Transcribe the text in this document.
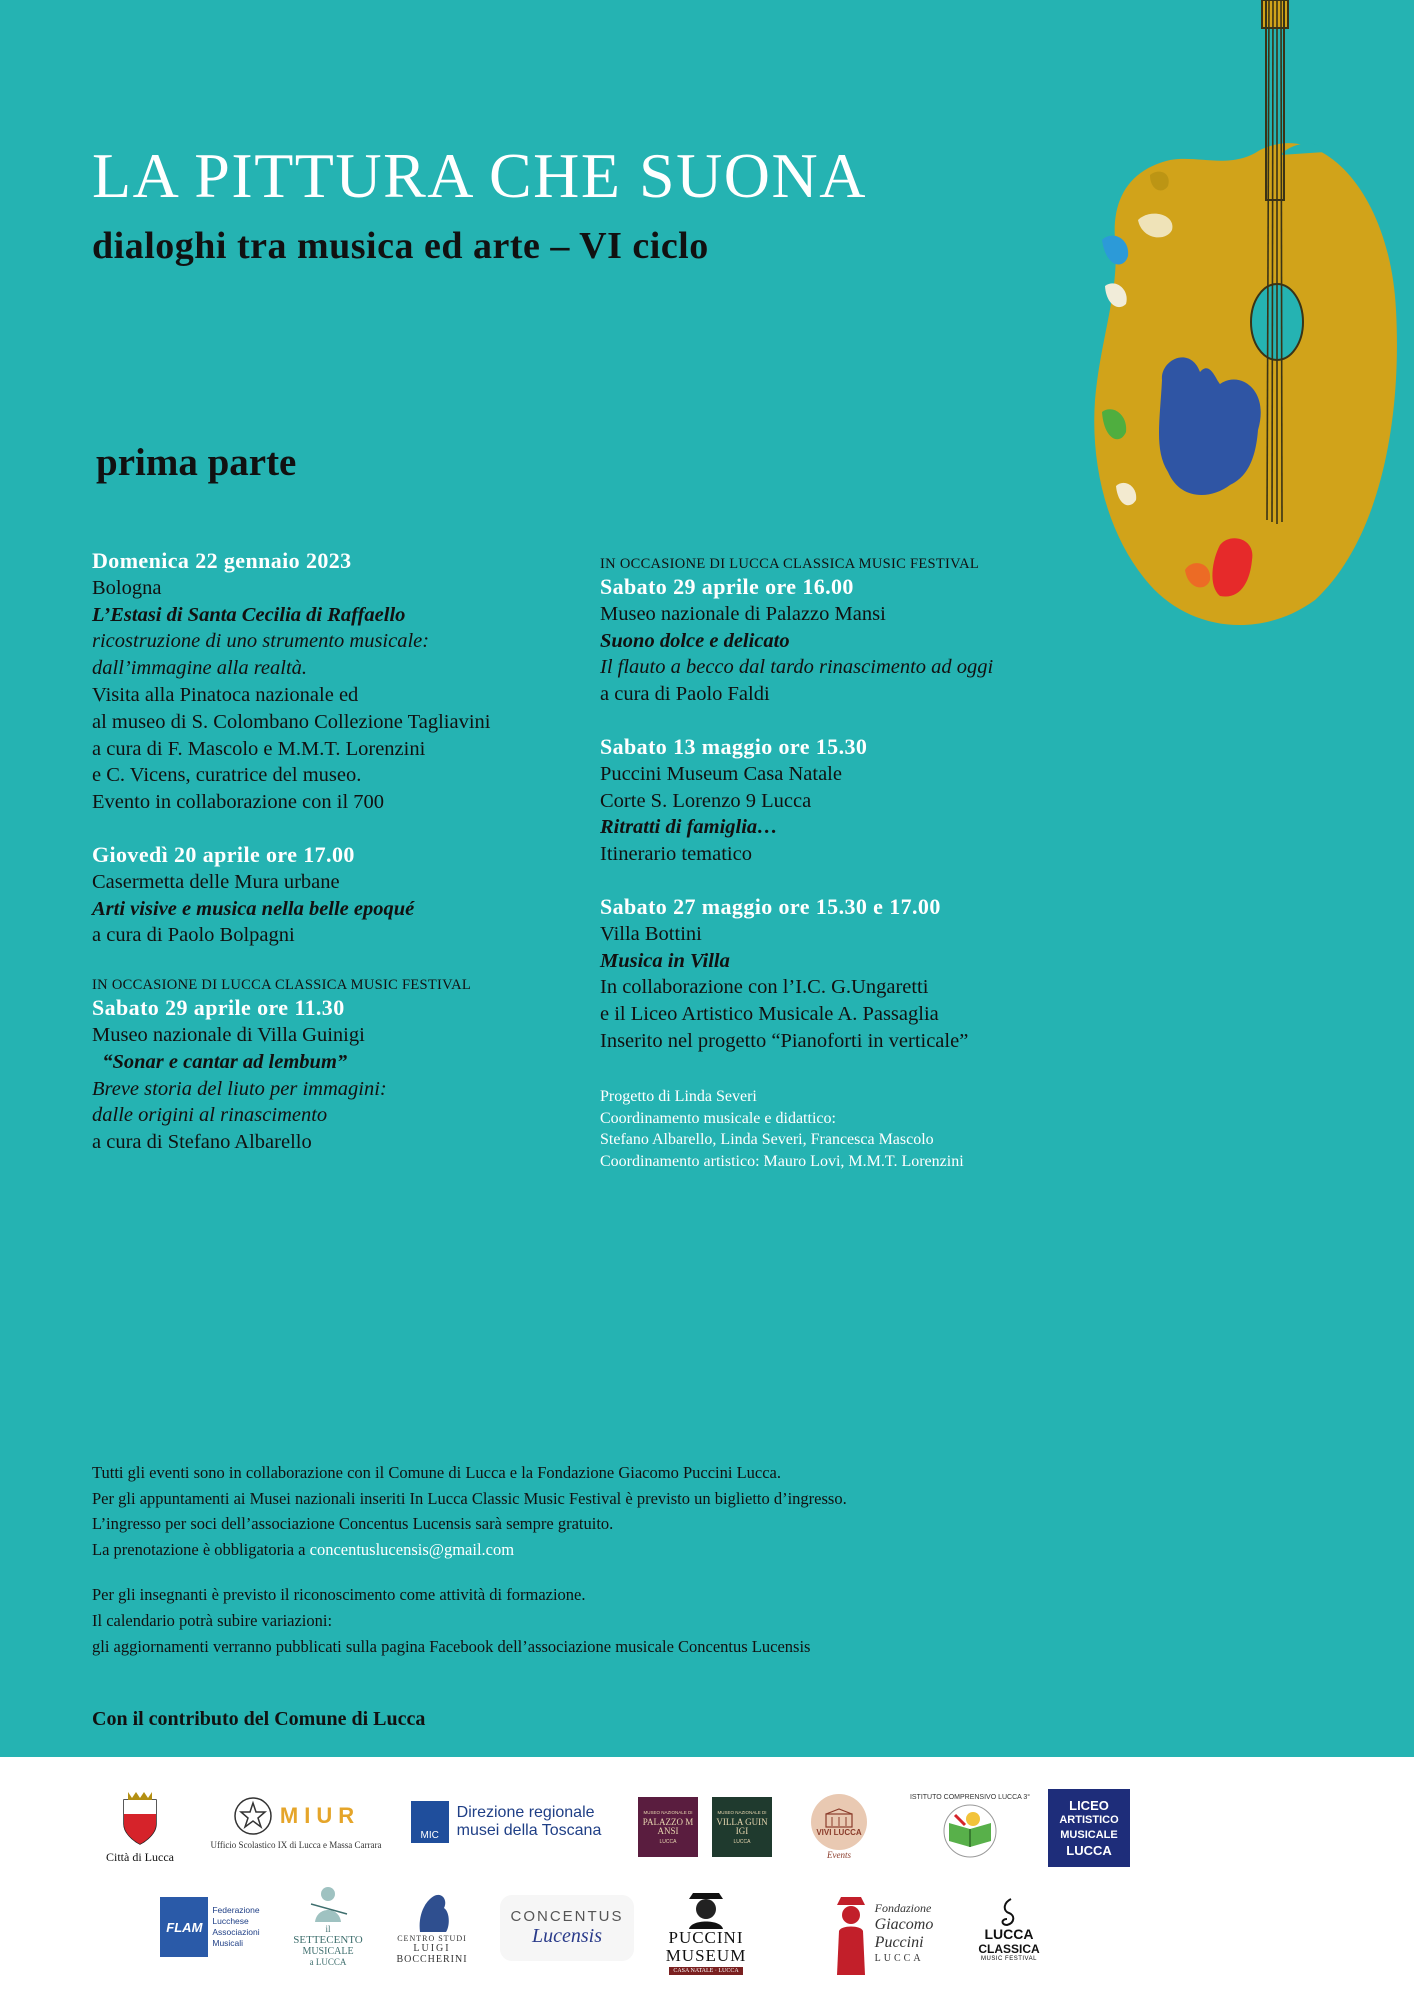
LA PITTURA CHE SUONA
dialoghi tra musica ed arte – VI ciclo
prima parte
Domenica 22 gennaio 2023
Bologna
L’Estasi di Santa Cecilia di Raffaello
ricostruzione di uno strumento musicale:
dall’immagine alla realtà.
Visita alla Pinatoca nazionale ed
al museo di S. Colombano Collezione Tagliavini
a cura di F. Mascolo e M.M.T. Lorenzini
e C. Vicens, curatrice del museo.
Evento in collaborazione con il 700
Giovedì 20 aprile ore 17.00
Casermetta delle Mura urbane
Arti visive e musica nella belle epoqué
a cura di Paolo Bolpagni
IN OCCASIONE DI LUCCA CLASSICA MUSIC FESTIVAL
Sabato 29 aprile ore 11.30
Museo nazionale di Villa Guinigi
“Sonar e cantar ad lembum”
Breve storia del liuto per immagini:
dalle origini al rinascimento
a cura di Stefano Albarello
IN OCCASIONE DI LUCCA CLASSICA MUSIC FESTIVAL
Sabato 29 aprile ore 16.00
Museo nazionale di Palazzo Mansi
Suono dolce e delicato
Il flauto a becco dal tardo rinascimento ad oggi
a cura di Paolo Faldi
Sabato 13 maggio ore 15.30
Puccini Museum Casa Natale
Corte S. Lorenzo 9 Lucca
Ritratti di famiglia…
Itinerario tematico
Sabato 27 maggio ore 15.30 e 17.00
Villa Bottini
Musica in Villa
In collaborazione con l’I.C. G.Ungaretti
e il Liceo Artistico Musicale A. Passaglia
Inserito nel progetto “Pianoforti in verticale”
Progetto di Linda Severi
Coordinamento musicale e didattico:
Stefano Albarello, Linda Severi, Francesca Mascolo
Coordinamento artistico: Mauro Lovi, M.M.T. Lorenzini
Tutti gli eventi sono in collaborazione con il Comune di Lucca e la Fondazione Giacomo Puccini Lucca.
Per gli appuntamenti ai Musei nazionali inseriti In Lucca Classic Music Festival è previsto un biglietto d’ingresso.
L’ingresso per soci dell’associazione Concentus Lucensis sarà sempre gratuito.
La prenotazione è obbligatoria a concentuslucensis@gmail.com
Per gli insegnanti è previsto il riconoscimento come attività di formazione.
Il calendario potrà subire variazioni:
gli aggiornamenti verranno pubblicati sulla pagina Facebook dell’associazione musicale Concentus Lucensis
Con il contributo del Comune di Lucca
Città di Lucca
MIUR
Ufficio Scolastico IX di Lucca e Massa Carrara
MIC
Direzione regionale
musei della Toscana
MUSEO NAZIONALE DI
PALAZZO MANSI
LUCCA
MUSEO NAZIONALE DI
VILLA GUINIGI
LUCCA
VIVI LUCCA
Events
ISTITUTO COMPRENSIVO LUCCA 3°
LICEO
ARTISTICO
MUSICALE
LUCCA
FLAM
Federazione
Lucchese
Associazioni
Musicali
il
SETTECENTO
MUSICALE
a LUCCA
CENTRO STUDI
LUIGI
BOCCHERINI
CONCENTUS
Lucensis	PUCCINI
MUSEUM
CASA NATALE · LUCCA
Fondazione
Giacomo
Puccini
LUCCA
LUCCA
CLASSICA
MUSIC FESTIVAL
